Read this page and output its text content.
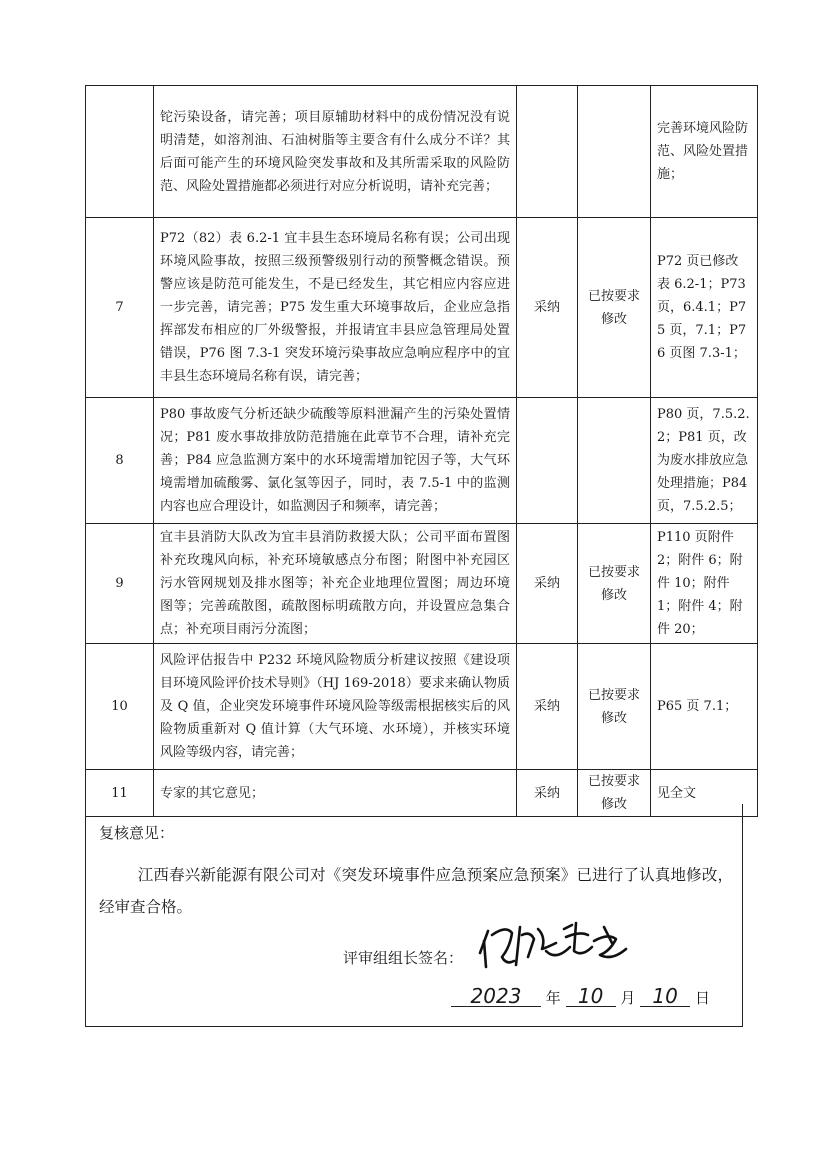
	铊污染设备，请完善；项目原辅助材料中的成份情况没有说明清楚，如溶剂油、石油树脂等主要含有什么成分不详？其后面可能产生的环境风险突发事故和及其所需采取的风险防范、风险处置措施都必须进行对应分析说明，请补充完善；			完善环境风险防范、风险处置措施；
7	P72（82）表 6.2-1 宜丰县生态环境局名称有误；公司出现环境风险事故，按照三级预警级别行动的预警概念错误。预警应该是防范可能发生，不是已经发生，其它相应内容应进一步完善，请完善；P75 发生重大环境事故后，企业应急指挥部发布相应的厂外级警报，并报请宜丰县应急管理局处置错误，P76 图 7.3-1 突发环境污染事故应急响应程序中的宜丰县生态环境局名称有误，请完善；	采纳	已按要求修改	P72 页已修改表 6.2-1；P73 页，6.4.1；P75 页，7.1；P76 页图 7.3-1；
8	P80 事故废气分析还缺少硫酸等原料泄漏产生的污染处置情况；P81 废水事故排放防范措施在此章节不合理，请补充完善；P84 应急监测方案中的水环境需增加铊因子等，大气环境需增加硫酸雾、氯化氢等因子，同时，表 7.5-1 中的监测内容也应合理设计，如监测因子和频率，请完善；			P80 页，7.5.2.2；P81 页，改为废水排放应急处理措施；P84 页，7.5.2.5；
9	宜丰县消防大队改为宜丰县消防救援大队；公司平面布置图补充玫瑰风向标，补充环境敏感点分布图；附图中补充园区污水管网规划及排水图等；补充企业地理位置图；周边环境图等；完善疏散图，疏散图标明疏散方向，并设置应急集合点；补充项目雨污分流图；	采纳	已按要求修改	P110 页附件 2；附件 6；附件 10；附件 1；附件 4；附件 20；
10	风险评估报告中 P232 环境风险物质分析建议按照《建设项目环境风险评价技术导则》（HJ 169-2018）要求来确认物质及 Q 值，企业突发环境事件环境风险等级需根据核实后的风险物质重新对 Q 值计算（大气环境、水环境），并核实环境风险等级内容，请完善；	采纳	已按要求修改	P65 页 7.1；
11	专家的其它意见；	采纳	已按要求修改	见全文
复核意见：
江西春兴新能源有限公司对《突发环境事件应急预案应急预案》已进行了认真地修改，经审查合格。
评审组组长签名：
2023 年 10 月 10 日
